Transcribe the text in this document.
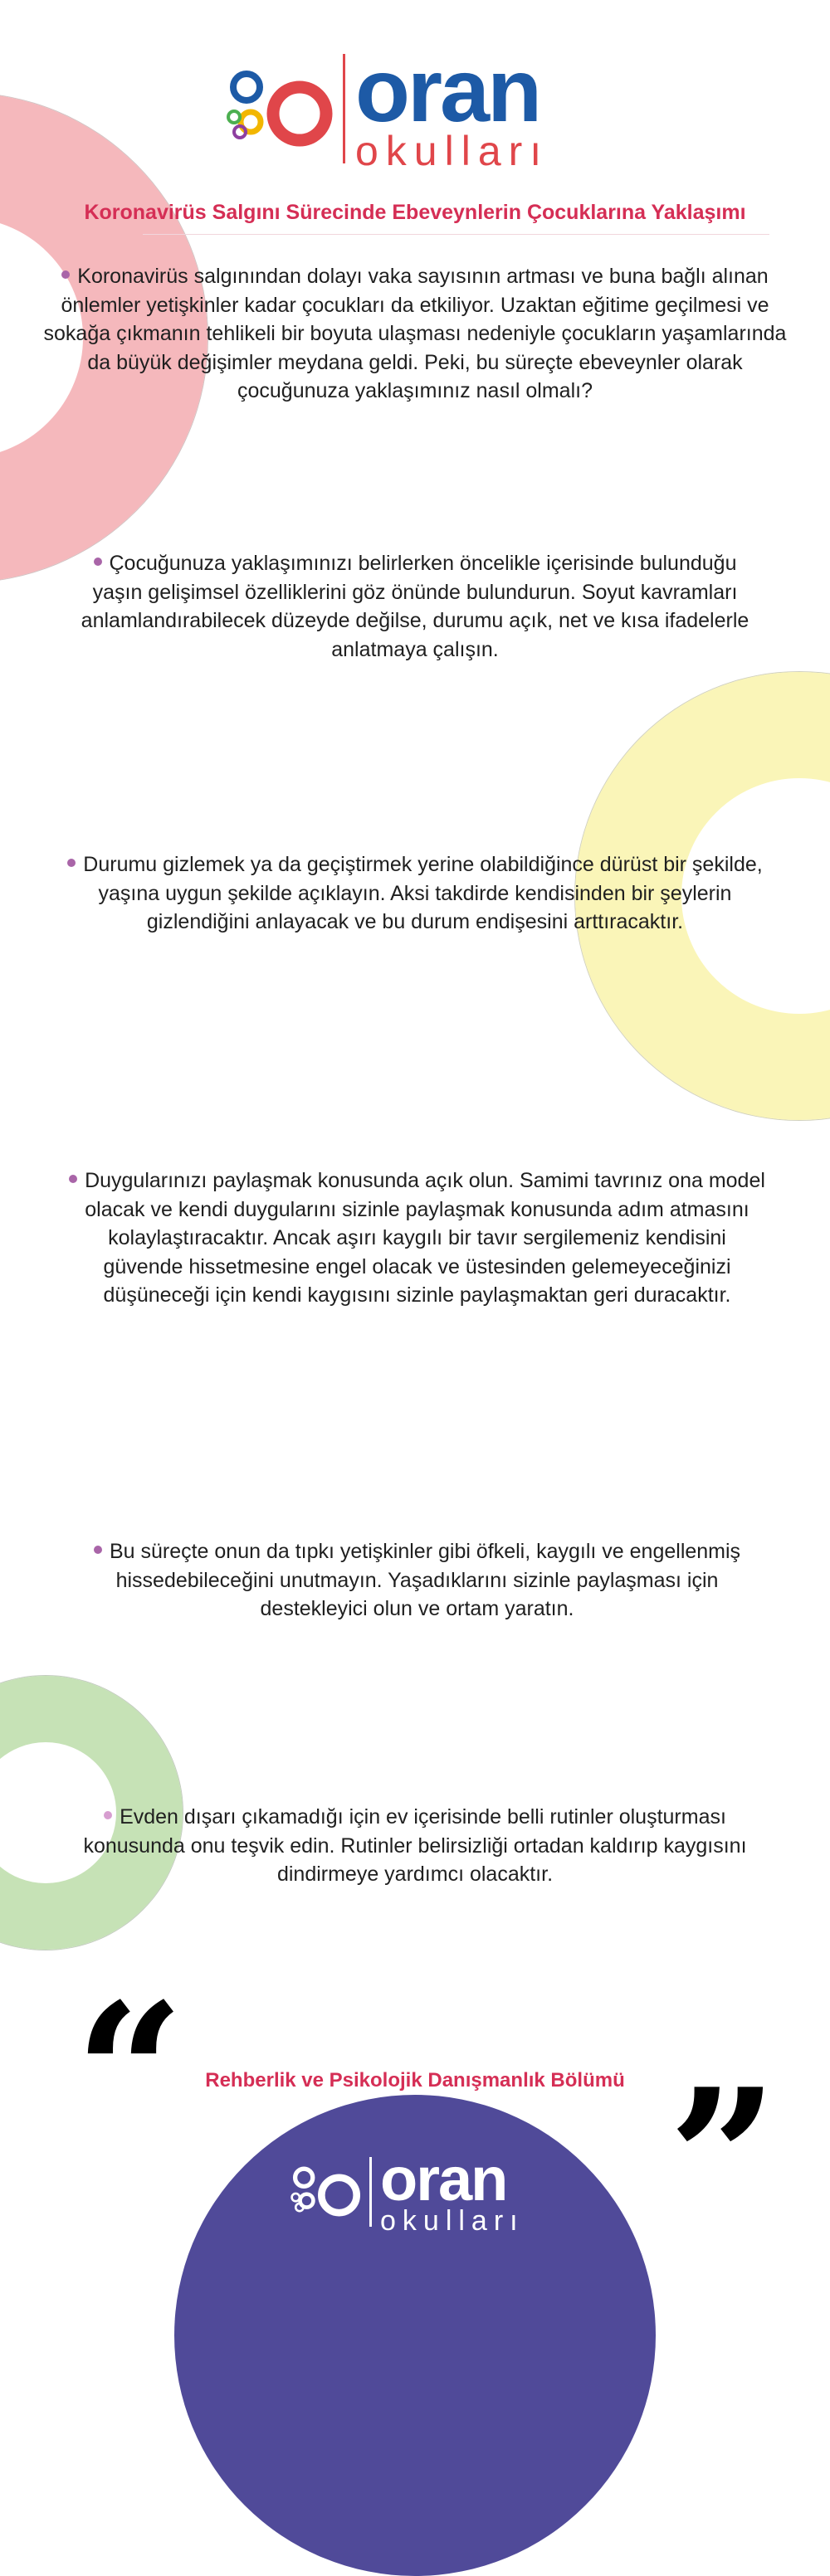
oran
okulları
Koronavirüs Salgını Sürecinde Ebeveynlerin Çocuklarına Yaklaşımı

Koronavirüs salgınından dolayı vaka sayısının artması ve buna bağlı alınan önlemler yetişkinler kadar çocukları da etkiliyor. Uzaktan eğitime geçilmesi ve sokağa çıkmanın tehlikeli bir boyuta ulaşması nedeniyle çocukların yaşamlarında da büyük değişimler meydana geldi. Peki, bu süreçte ebeveynler olarak çocuğunuza yaklaşımınız nasıl olmalı?

Çocuğunuza yaklaşımınızı belirlerken öncelikle içerisinde bulunduğu yaşın gelişimsel özelliklerini göz önünde bulundurun. Soyut kavramları anlamlandırabilecek düzeyde değilse, durumu açık, net ve kısa ifadelerle anlatmaya çalışın.

Durumu gizlemek ya da geçiştirmek yerine olabildiğince dürüst bir şekilde, yaşına uygun şekilde açıklayın. Aksi takdirde kendisinden bir şeylerin gizlendiğini anlayacak ve bu durum endişesini arttıracaktır.

Duygularınızı paylaşmak konusunda açık olun. Samimi tavrınız ona model olacak ve kendi duygularını sizinle paylaşmak konusunda adım atmasını kolaylaştıracaktır. Ancak aşırı kaygılı bir tavır sergilemeniz kendisini güvende hissetmesine engel olacak ve üstesinden gelemeyeceğinizi düşüneceği için kendi kaygısını sizinle paylaşmaktan geri duracaktır.

Bu süreçte onun da tıpkı yetişkinler gibi öfkeli, kaygılı ve engellenmiş hissedebileceğini unutmayın. Yaşadıklarını sizinle paylaşması için destekleyici olun ve ortam yaratın.

Evden dışarı çıkamadığı için ev içerisinde belli rutinler oluşturması konusunda onu teşvik edin. Rutinler belirsizliği ortadan kaldırıp kaygısını dindirmeye yardımcı olacaktır.

“	”

Rehberlik ve Psikolojik Danışmanlık Bölümü

oran
okulları
